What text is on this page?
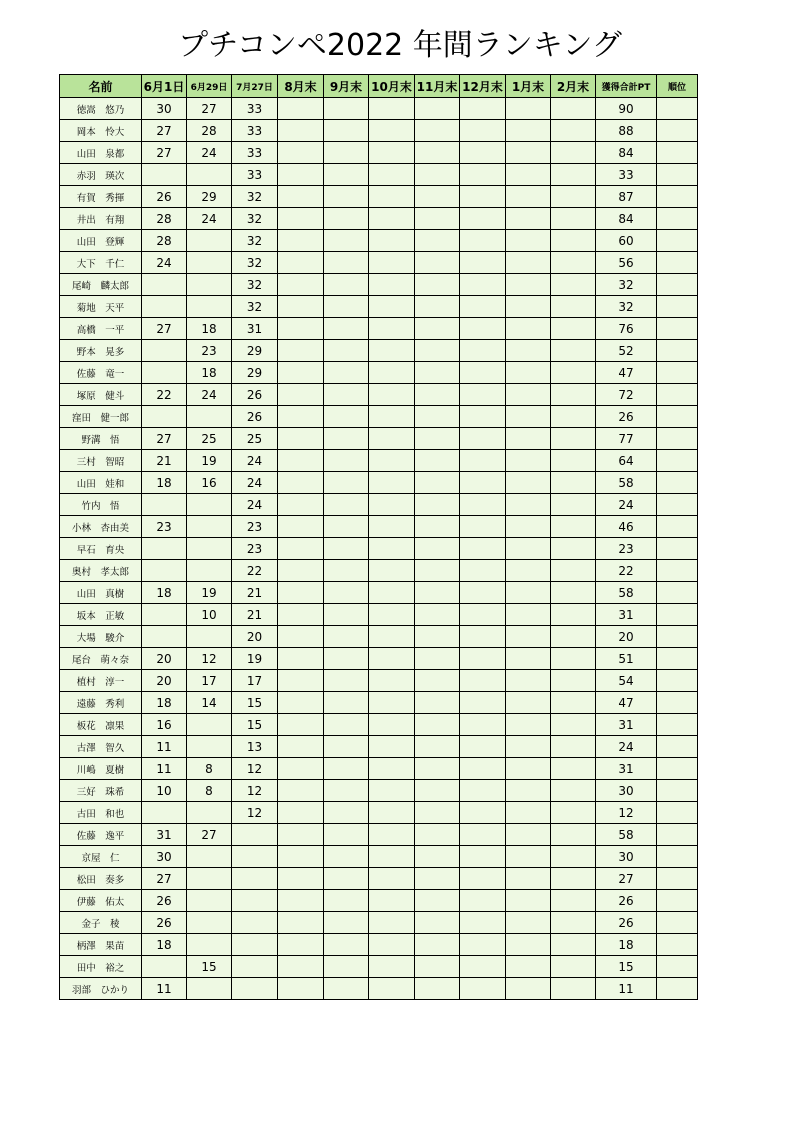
プチコンペ2022 年間ランキング
名前	6月1日	6月29日	7月27日	8月末	9月末	10月末	11月末	12月末	1月末	2月末	獲得合計PT	順位
徳嵩　悠乃	30	27	33								90	
岡本　怜大	27	28	33								88	
山田　泉都	27	24	33								84	
赤羽　瑛次			33								33	
有賀　秀揮	26	29	32								87	
井出　有翔	28	24	32								84	
山田　登輝	28		32								60	
大下　千仁	24		32								56	
尾崎　麟太郎			32								32	
菊地　天平			32								32	
高橋　一平	27	18	31								76	
野本　晃多		23	29								52	
佐藤　竜一		18	29								47	
塚原　健斗	22	24	26								72	
窪田　健一郎			26								26	
野溝　悟	27	25	25								77	
三村　智昭	21	19	24								64	
山田　娃和	18	16	24								58	
竹内　悟			24								24	
小林　杏由美	23		23								46	
早石　育央			23								23	
奥村　孝太郎			22								22	
山田　真樹	18	19	21								58	
坂本　正敏		10	21								31	
大場　駿介			20								20	
尾台　萌々奈	20	12	19								51	
植村　淳一	20	17	17								54	
遠藤　秀利	18	14	15								47	
板花　凛果	16		15								31	
古澤　智久	11		13								24	
川嶋　夏樹	11	8	12								31	
三好　珠希	10	8	12								30	
古田　和也			12								12	
佐藤　逸平	31	27									58	
京屋　仁	30										30	
松田　奏多	27										27	
伊藤　佑太	26										26	
金子　稜	26										26	
柄澤　果苗	18										18	
田中　裕之		15									15	
羽部　ひかり	11										11	
